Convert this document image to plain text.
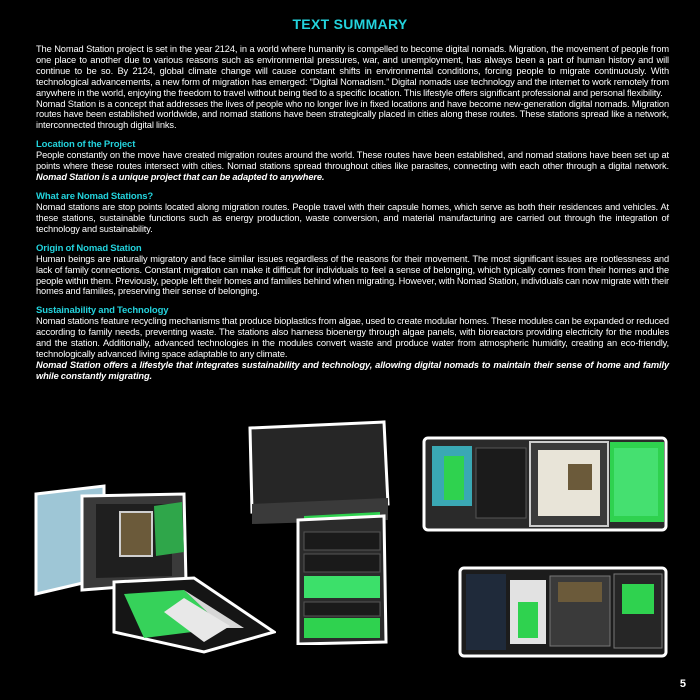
TEXT SUMMARY

The Nomad Station project is set in the year 2124, in a world where humanity is compelled to become digital nomads. Migration, the movement of people from one place to another due to various reasons such as environmental pressures, war, and unemployment, has always been a part of human history and will continue to be so. By 2124, global climate change will cause constant shifts in environmental conditions, forcing people to migrate continuously. With technological advancements, a new form of migration has emerged: “Digital Nomadism.” Digital nomads use technology and the internet to work remotely from anywhere in the world, enjoying the freedom to travel without being tied to a specific location. This lifestyle offers significant professional and personal flexibility.

Nomad Station is a concept that addresses the lives of people who no longer live in fixed locations and have become new-generation digital nomads. Migration routes have been established worldwide, and nomad stations have been strategically placed in cities along these routes. These stations spread like a network, interconnected through digital links.

Location of the Project

People constantly on the move have created migration routes around the world. These routes have been established, and nomad stations have been set up at points where these routes intersect with cities. Nomad stations spread throughout cities like parasites, connecting with each other through a digital network. Nomad Station is a unique project that can be adapted to anywhere.

What are Nomad Stations?

Nomad stations are stop points located along migration routes. People travel with their capsule homes, which serve as both their residences and vehicles. At these stations, sustainable functions such as energy production, waste conversion, and material manufacturing are carried out through the integration of technology and sustainability.

Origin of Nomad Station

Human beings are naturally migratory and face similar issues regardless of the reasons for their movement. The most significant issues are rootlessness and lack of family connections. Constant migration can make it difficult for individuals to feel a sense of belonging, which typically comes from their homes and the people within them. Previously, people left their homes and families behind when migrating. However, with Nomad Station, individuals can now migrate with their homes and families, preserving their sense of belonging.

Sustainability and Technology

Nomad stations feature recycling mechanisms that produce bioplastics from algae, used to create modular homes. These modules can be expanded or reduced according to family needs, preventing waste. The stations also harness bioenergy through algae panels, with bioreactors providing electricity for the modules and the station. Additionally, advanced technologies in the modules convert waste and produce water from atmospheric humidity, creating an eco-friendly, technologically advanced living space adaptable to any climate.

Nomad Station offers a lifestyle that integrates sustainability and technology, allowing digital nomads to maintain their sense of home and family while constantly migrating.

5
